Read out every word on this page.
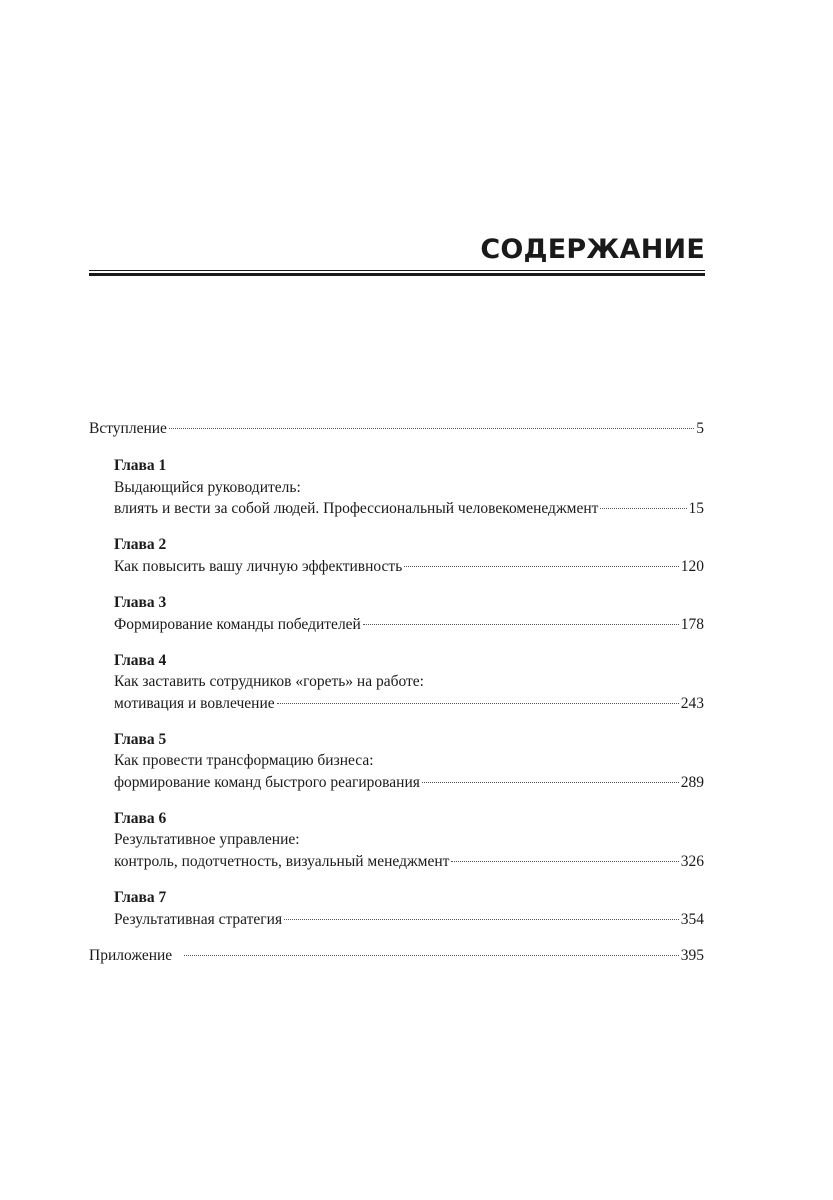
СОДЕРЖАНИЕ
Вступление	5
Глава 1
Выдающийся руководитель:
влиять и вести за собой людей. Профессиональный человекоменеджмент	15
Глава 2
Как повысить вашу личную эффективность	120
Глава 3
Формирование команды победителей	178
Глава 4
Как заставить сотрудников «гореть» на работе:
мотивация и вовлечение	243
Глава 5
Как провести трансформацию бизнеса:
формирование команд быстрого реагирования	289
Глава 6
Результативное управление:
контроль, подотчетность, визуальный менеджмент	326
Глава 7
Результативная стратегия	354
Приложение	395
